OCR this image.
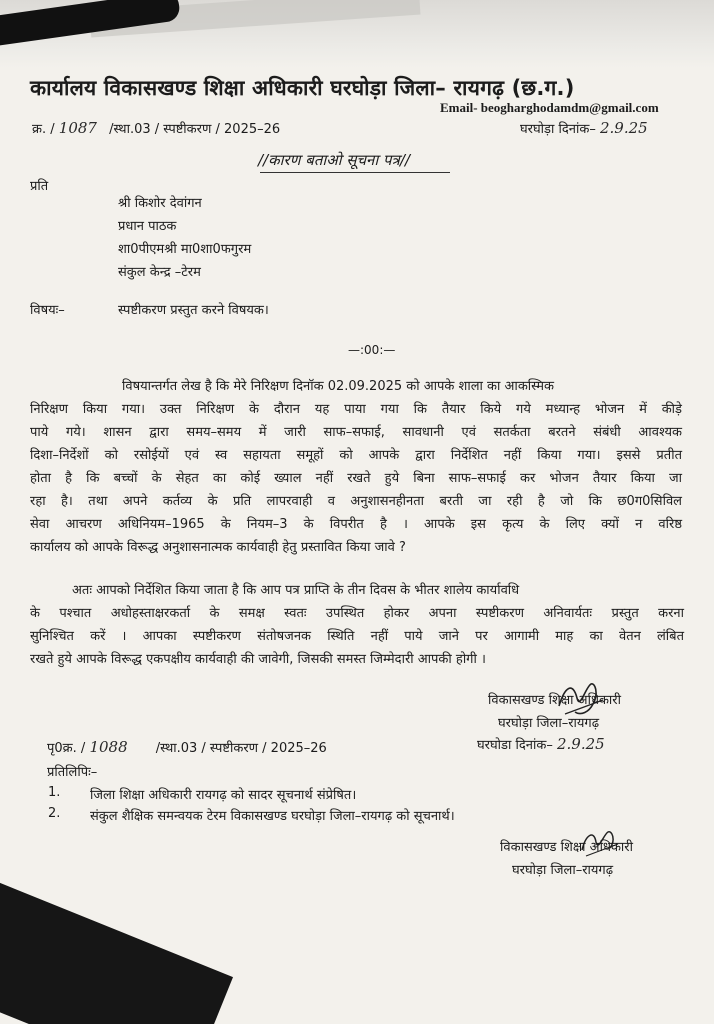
कार्यालय विकासखण्ड शिक्षा अधिकारी घरघोड़ा जिला– रायगढ़ (छ.ग.)
Email- beogharghodamdm@gmail.com
क्र. / 1087 /स्था.03 / स्पष्टीकरण / 2025–26	घरघोड़ा दिनांक– 2.9.25
//कारण बताओ सूचना पत्र//
प्रति
श्री किशोर देवांगन
प्रधान पाठक
शा0पीएमश्री मा0शा0फगुरम
संकुल केन्द्र –टेरम
विषयः–	स्पष्टीकरण प्रस्तुत करने विषयक।
—:00:—
विषयान्तर्गत लेख है कि मेरे निरिक्षण दिनॉक 02.09.2025 को आपके शाला का आकस्मिक
निरिक्षण किया गया। उक्त निरिक्षण के दौरान यह पाया गया कि तैयार किये गये मध्यान्ह भोजन में कीड़े
पाये गये। शासन द्वारा समय–समय में जारी साफ–सफाई, सावधानी एवं सतर्कता बरतने संबंधी आवश्यक
दिशा–निर्देशों को रसोईयों एवं स्व सहायता समूहों को आपके द्वारा निर्देशित नहीं किया गया। इससे प्रतीत
होता है कि बच्चों के सेहत का कोई ख्याल नहीं रखते हुये बिना साफ–सफाई कर भोजन तैयार किया जा
रहा है। तथा अपने कर्तव्य के प्रति लापरवाही व अनुशासनहीनता बरती जा रही है जो कि छ0ग0सिविल
सेवा आचरण अधिनियम–1965 के नियम–3 के विपरीत है । आपके इस कृत्य के लिए क्यों न वरिष्ठ
कार्यालय को आपके विरूद्ध अनुशासनात्मक कार्यवाही हेतु प्रस्तावित किया जावे ?
अतः आपको निर्देशित किया जाता है कि आप पत्र प्राप्ति के तीन दिवस के भीतर शालेय कार्यावधि
के पश्चात अधोहस्ताक्षरकर्ता के समक्ष स्वतः उपस्थित होकर अपना स्पष्टीकरण अनिवार्यतः प्रस्तुत करना
सुनिश्चित करें । आपका स्पष्टीकरण संतोषजनक स्थिति नहीं पाये जाने पर आगामी माह का वेतन लंबित
रखते हुये आपके विरूद्ध एकपक्षीय कार्यवाही की जावेगी, जिसकी समस्त जिम्मेदारी आपकी होगी ।
विकासखण्ड शिक्षा अधिकारी
घरघोड़ा जिला–रायगढ़
पृ0क्र. / 1088 /स्था.03 / स्पष्टीकरण / 2025–26	घरघोडा दिनांक– 2.9.25
प्रतिलिपिः–
1. जिला शिक्षा अधिकारी रायगढ़ को सादर सूचनार्थ संप्रेषित।
2. संकुल शैक्षिक समन्वयक टेरम विकासखण्ड घरघोड़ा जिला–रायगढ़ को सूचनार्थ।
विकासखण्ड शिक्षा अधिकारी
घरघोड़ा जिला–रायगढ़
